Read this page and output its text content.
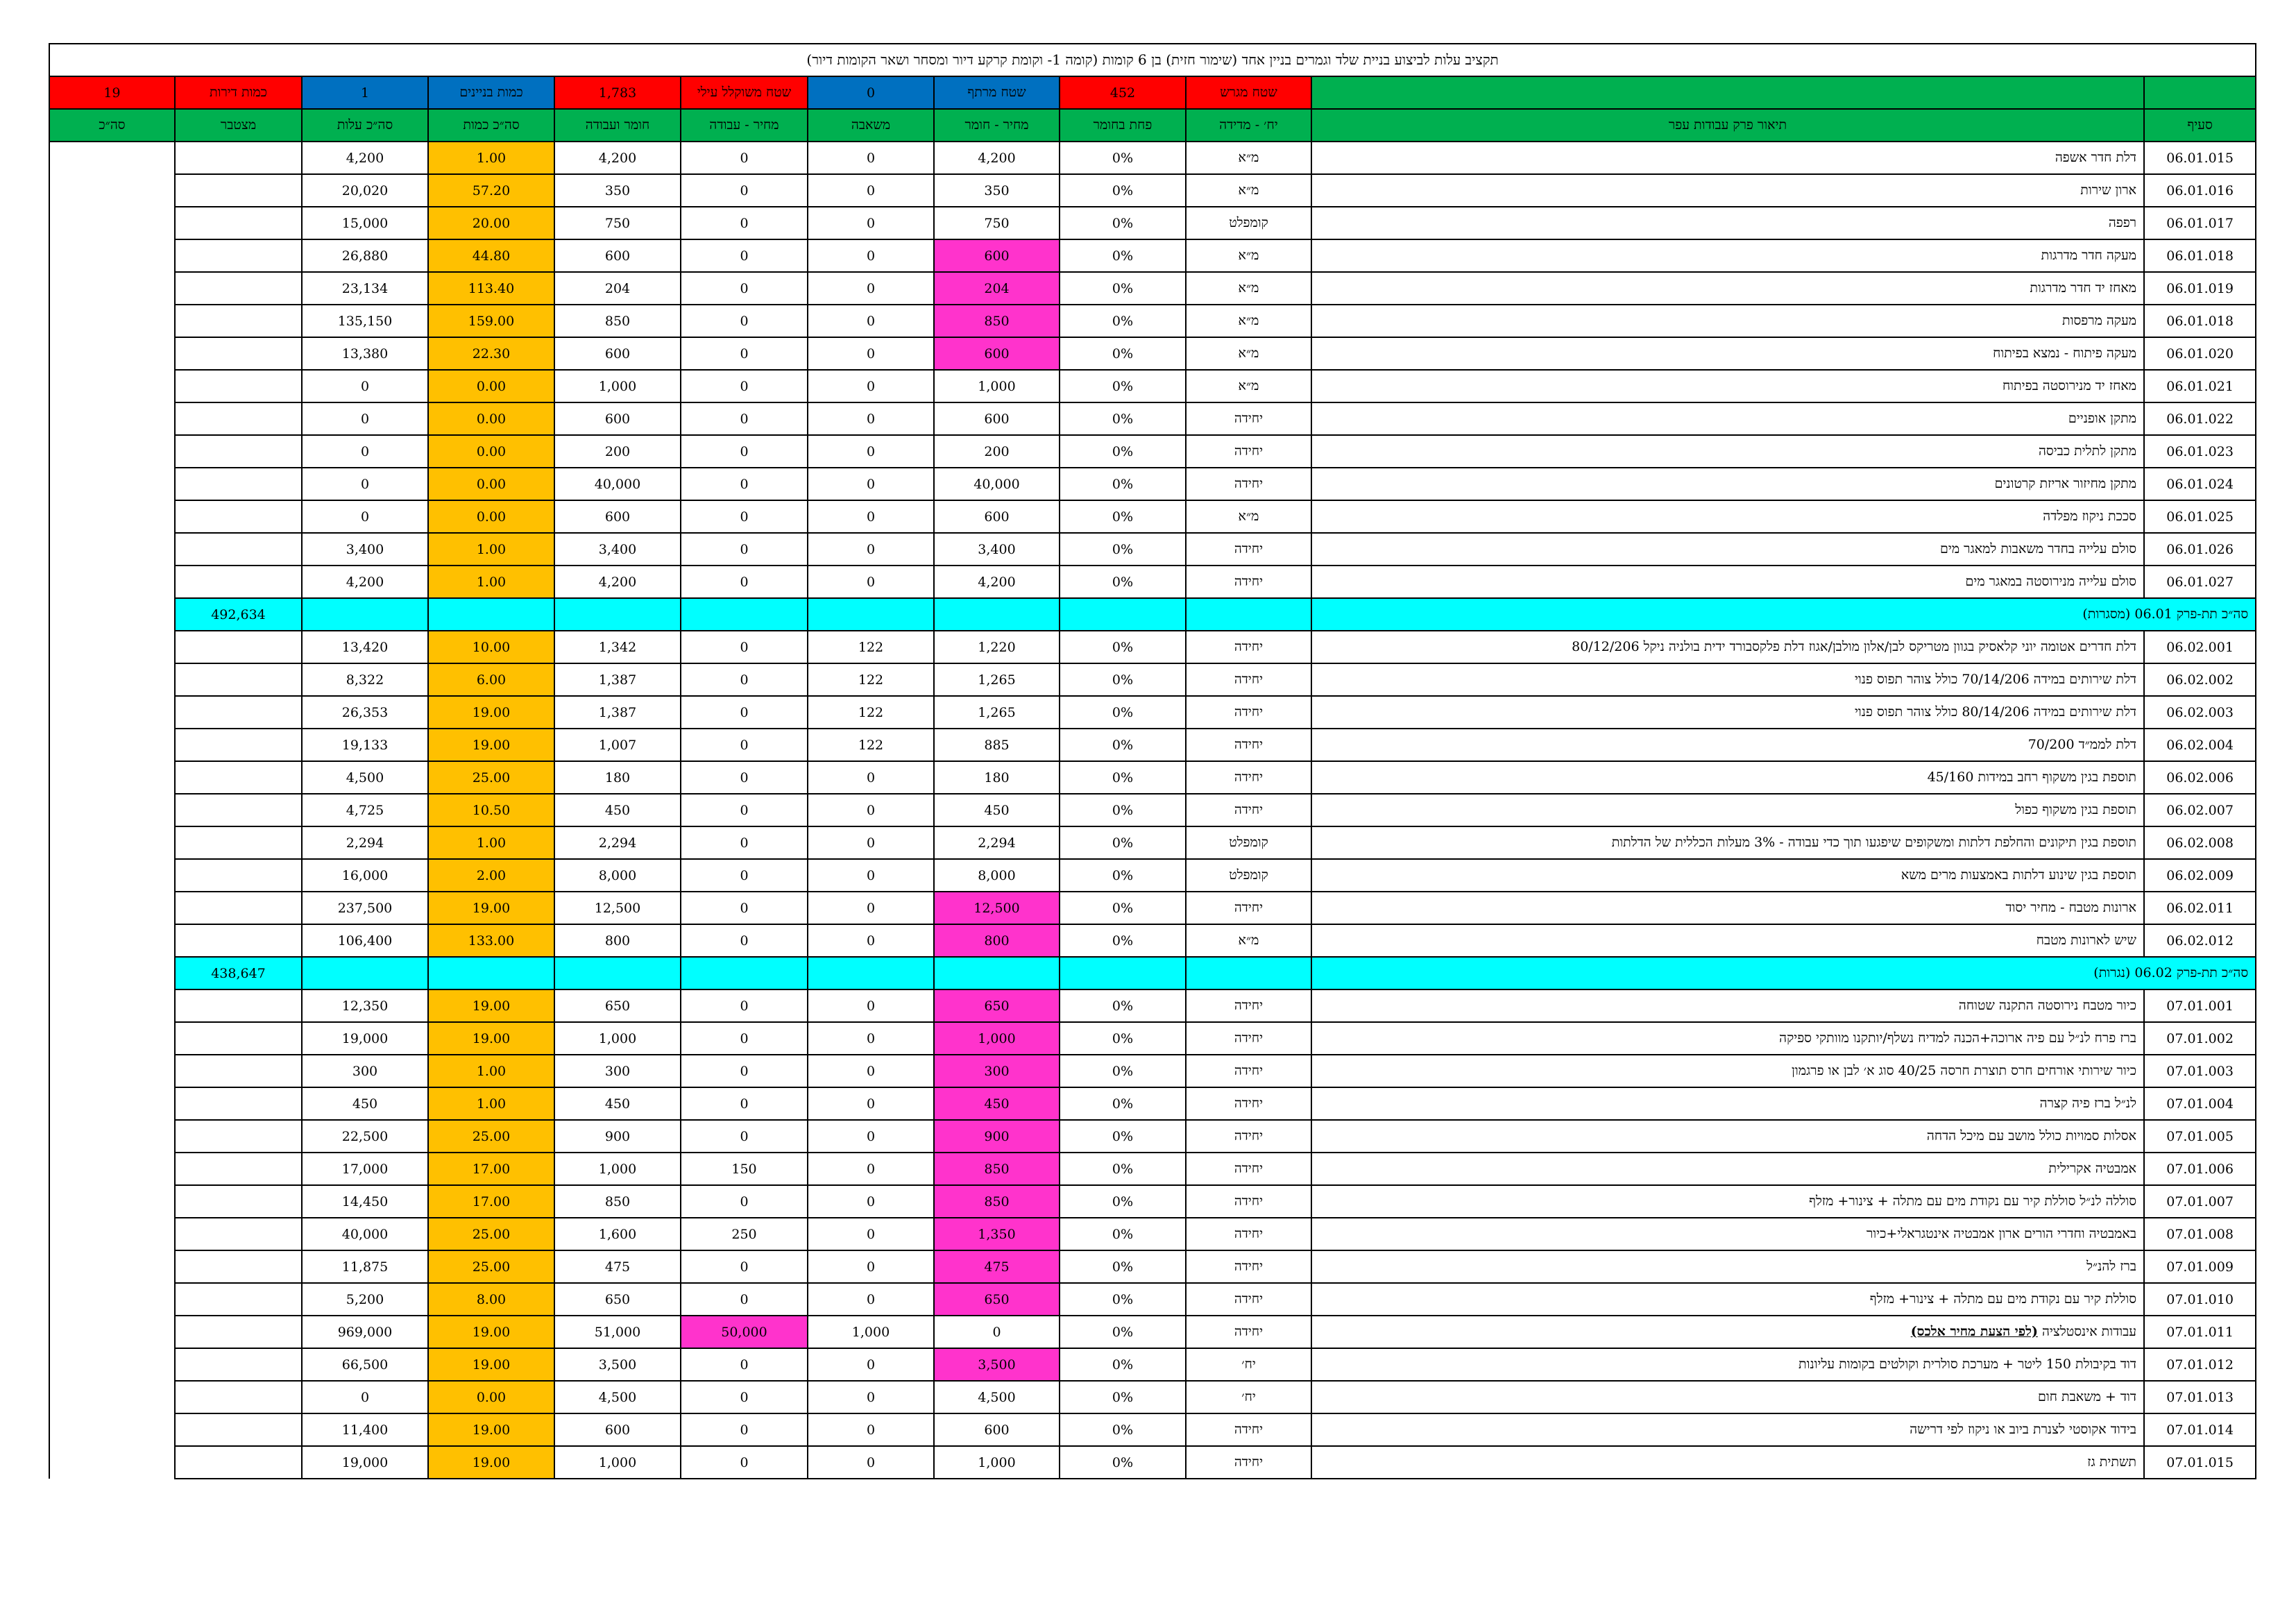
תקציב עלות לביצוע בניית שלד וגמרים בניין אחד (שימור חזית) בן 6 קומות (קומה 1- וקומת קרקע דיור ומסחר ושאר הקומות דיור)											
19	כמות דירות	1	כמות בניינים	1,783	שטח משוקלל עילי	0	שטח מרתף	452	שטח מגרש		
סה״כ	מצטבר	סה״כ עלות	סה״כ כמות	חומר ועבודה	מחיר - עבודה	משאבה	מחיר - חומר	פחת בחומר	יח׳ - מדידה	תיאור פרק עבודות עפר	סעיף
		4,200	1.00	4,200	0	0	4,200	0%	מ״א	דלת חדר אשפה	06.01.015
		20,020	57.20	350	0	0	350	0%	מ״א	ארון שירות	06.01.016
		15,000	20.00	750	0	0	750	0%	קומפלט	רפפה	06.01.017
		26,880	44.80	600	0	0	600	0%	מ״א	מעקה חדר מדרגות	06.01.018
		23,134	113.40	204	0	0	204	0%	מ״א	מאחז יד חדר מדרגות	06.01.019
		135,150	159.00	850	0	0	850	0%	מ״א	מעקה מרפסות	06.01.018
		13,380	22.30	600	0	0	600	0%	מ״א	מעקה פיתוח - נמצא בפיתוח	06.01.020
		0	0.00	1,000	0	0	1,000	0%	מ״א	מאחז יד מנירוסטה בפיתוח	06.01.021
		0	0.00	600	0	0	600	0%	יחידה	מתקן אופניים	06.01.022
		0	0.00	200	0	0	200	0%	יחידה	מתקן לתלית כביסה	06.01.023
		0	0.00	40,000	0	0	40,000	0%	יחידה	מתקן מחיזור אריזת קרטונים	06.01.024
		0	0.00	600	0	0	600	0%	מ״א	סככת ניקוז מפלדה	06.01.025
		3,400	1.00	3,400	0	0	3,400	0%	יחידה	סולם עלייה בחדר משאבות למאגר מים	06.01.026
		4,200	1.00	4,200	0	0	4,200	0%	יחידה	סולם עלייה מנירוסטה במאגר מים	06.01.027
	492,634									סה״כ תת-פרק 06.01 (מסגרות)	
		13,420	10.00	1,342	0	122	1,220	0%	יחידה	דלת חדרים אטומה יוני קלאסיק בגוון מטריקס לבן/אלון מולבן/אגוז דלת פלקסבורד ידית בולניה ניקל 80/12/206	06.02.001
		8,322	6.00	1,387	0	122	1,265	0%	יחידה	דלת שירותים במידה 70/14/206 כולל צוהר תפוס פנוי	06.02.002
		26,353	19.00	1,387	0	122	1,265	0%	יחידה	דלת שירותים במידה 80/14/206 כולל צוהר תפוס פנוי	06.02.003
		19,133	19.00	1,007	0	122	885	0%	יחידה	דלת לממ״ד 70/200	06.02.004
		4,500	25.00	180	0	0	180	0%	יחידה	תוספת בגין משקוף רחב במידות 45/160	06.02.006
		4,725	10.50	450	0	0	450	0%	יחידה	תוספת בגין משקוף כפול	06.02.007
		2,294	1.00	2,294	0	0	2,294	0%	קומפלט	תוספת בגין תיקונים והחלפת דלתות ומשקופים שיפגעו תוך כדי עבודה - 3% מעלות הכללית של הדלתות	06.02.008
		16,000	2.00	8,000	0	0	8,000	0%	קומפלט	תוספת בגין שינוע דלתות באמצעות מרים משא	06.02.009
		237,500	19.00	12,500	0	0	12,500	0%	יחידה	ארונות מטבח - מחיר יסוד	06.02.011
		106,400	133.00	800	0	0	800	0%	מ״א	שיש לארונות מטבח	06.02.012
	438,647									סה״כ תת-פרק 06.02 (נגרות)	
		12,350	19.00	650	0	0	650	0%	יחידה	כיור מטבח נירוסטה התקנה שטוחה	07.01.001
		19,000	19.00	1,000	0	0	1,000	0%	יחידה	ברז פרח לנ״ל עם פיה ארוכה+הכנה למדיח נשלף/יותקנו מוותקי ספיקה	07.01.002
		300	1.00	300	0	0	300	0%	יחידה	כיור שירותי אורחים חרס תוצרת חרסה 40/25 סוג א׳ לבן או פרגמון	07.01.003
		450	1.00	450	0	0	450	0%	יחידה	לנ״ל ברז פיה קצרה	07.01.004
		22,500	25.00	900	0	0	900	0%	יחידה	אסלות סמויות כולל מושב עם מיכל הדחה	07.01.005
		17,000	17.00	1,000	150	0	850	0%	יחידה	אמבטיה אקרילית	07.01.006
		14,450	17.00	850	0	0	850	0%	יחידה	סוללה לנ״ל סוללת קיר עם נקודת מים עם מתלה + צינור+ מזלף	07.01.007
		40,000	25.00	1,600	250	0	1,350	0%	יחידה	באמבטיה וחדרי הורים ארון אמבטיה אינטגראלי+כיור	07.01.008
		11,875	25.00	475	0	0	475	0%	יחידה	ברז להנ״ל	07.01.009
		5,200	8.00	650	0	0	650	0%	יחידה	סוללת קיר עם נקודת מים עם מתלה + צינור+ מזלף	07.01.010
		969,000	19.00	51,000	50,000	1,000	0	0%	יחידה	עבודות אינסטלציה (לפי הצעת מחיר אלכס)	07.01.011
		66,500	19.00	3,500	0	0	3,500	0%	יח׳	דוד בקיבולת 150 ליטר + מערכת סולרית וקולטים בקומות עליונות	07.01.012
		0	0.00	4,500	0	0	4,500	0%	יח׳	דוד + משאבת חום	07.01.013
		11,400	19.00	600	0	0	600	0%	יחידה	בידוד אקוסטי לצנרת ביוב או ניקוז לפי דרישה	07.01.014
		19,000	19.00	1,000	0	0	1,000	0%	יחידה	תשתית גז	07.01.015
